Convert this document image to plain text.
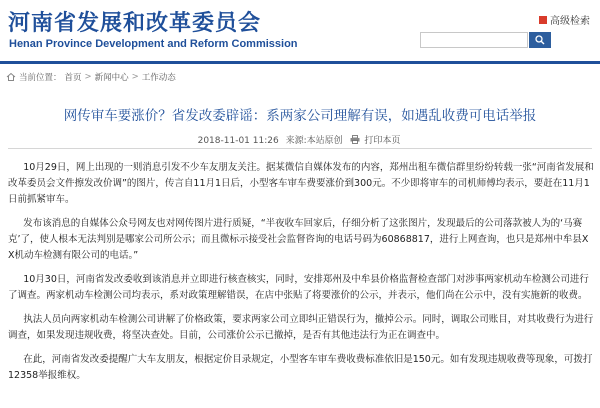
河南省发展和改革委员会
Henan Province Development and Reform Commission
高级检索
当前位置： 首页 > 新闻中心 > 工作动态
网传审车要涨价？省发改委辟谣：系两家公司理解有误，如遇乱收费可电话举报
2018-11-01 11:26 来源:本站原创 打印本页

10月29日，网上出现的一则消息引发不少车友朋友关注。据某微信自媒体发布的内容，郑州出租车微信群里纷纷转载一张“河南省发展和改革委员会文件擦发改价调”的图片，传言自11月1日后，小型客车审车费要涨价到300元。不少即将审车的司机师傅均表示，要赶在11月1日前抓紧审车。

发布该消息的自媒体公众号网友也对网传图片进行质疑，“半夜收车回家后，仔细分析了这张图片，发现最后的公司落款被人为的‘马赛克’了，使人根本无法判别是哪家公司所公示；而且微标示接受社会监督咨询的电话号码为60868817，进行上网查询，也只是郑州中牟县XX机动车检测有限公司的电话。”

10月30日，河南省发改委收到该消息并立即进行核查核实，同时，安排郑州及中牟县价格监督检查部门对涉事两家机动车检测公司进行了调查。两家机动车检测公司均表示，系对政策理解错误，在店中张贴了将要涨价的公示，并表示，他们尚在公示中，没有实施新的收费。

执法人员向两家机动车检测公司讲解了价格政策，要求两家公司立即纠正错误行为，撤掉公示。同时，调取公司账目，对其收费行为进行调查，如果发现违规收费，将坚决查处。目前，公司涨价公示已撤掉，是否有其他违法行为正在调查中。

在此，河南省发改委提醒广大车友朋友，根据定价目录规定，小型客车审车费收费标准依旧是150元。如有发现违规收费等现象，可拨打12358举报维权。
